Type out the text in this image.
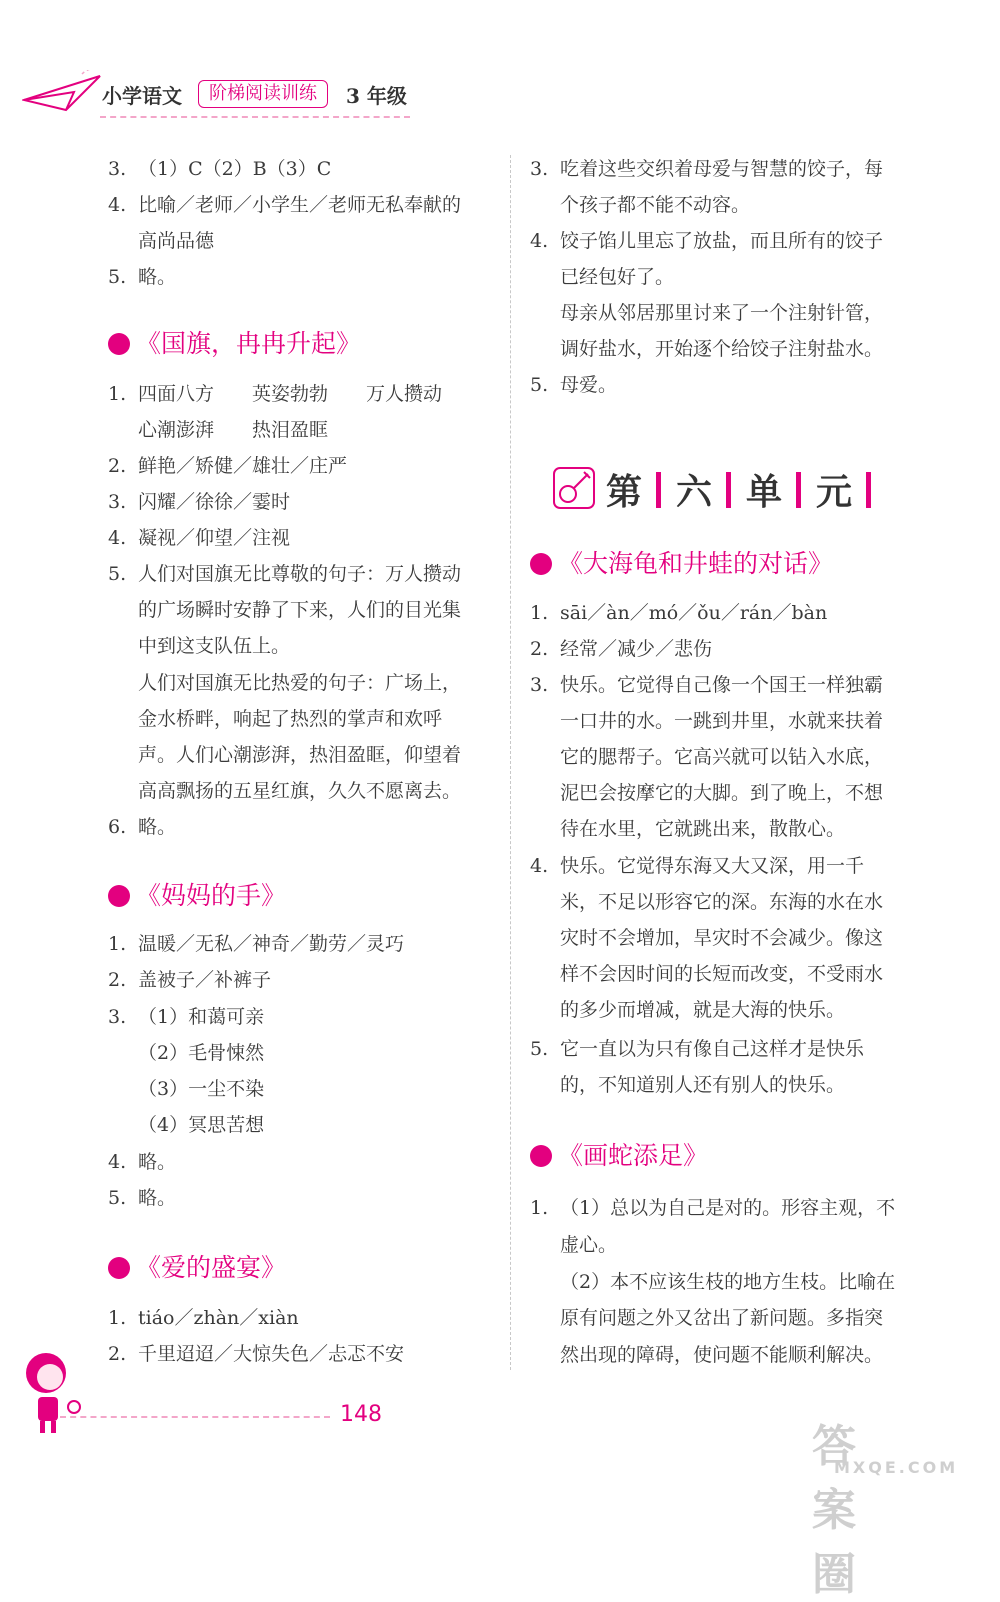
小学语文	阶梯阅读训练	3 年级
3. （1）C（2）B（3）C
4. 比喻／老师／小学生／老师无私奉献的
高尚品德
5. 略。
《国旗，冉冉升起》
1. 四面八方　　英姿勃勃　　万人攒动
心潮澎湃　　热泪盈眶
2. 鲜艳／矫健／雄壮／庄严
3. 闪耀／徐徐／霎时
4. 凝视／仰望／注视
5. 人们对国旗无比尊敬的句子：万人攒动
的广场瞬时安静了下来，人们的目光集
中到这支队伍上。
人们对国旗无比热爱的句子：广场上，
金水桥畔，响起了热烈的掌声和欢呼
声。人们心潮澎湃，热泪盈眶，仰望着
高高飘扬的五星红旗，久久不愿离去。
6. 略。
《妈妈的手》
1. 温暖／无私／神奇／勤劳／灵巧
2. 盖被子／补裤子
3. （1）和蔼可亲
（2）毛骨悚然
（3）一尘不染
（4）冥思苦想
4. 略。
5. 略。
《爱的盛宴》
1. tiáo／zhàn／xiàn
2. 千里迢迢／大惊失色／忐忑不安
3. 吃着这些交织着母爱与智慧的饺子，每
个孩子都不能不动容。
4. 饺子馅儿里忘了放盐，而且所有的饺子
已经包好了。
母亲从邻居那里讨来了一个注射针管，
调好盐水，开始逐个给饺子注射盐水。
5. 母爱。
第 六 单 元
《大海龟和井蛙的对话》
1. sāi／àn／mó／ǒu／rán／bàn
2. 经常／减少／悲伤
3. 快乐。它觉得自己像一个国王一样独霸
一口井的水。一跳到井里，水就来扶着
它的腮帮子。它高兴就可以钻入水底，
泥巴会按摩它的大脚。到了晚上，不想
待在水里，它就跳出来，散散心。
4. 快乐。它觉得东海又大又深，用一千
米，不足以形容它的深。东海的水在水
灾时不会增加，旱灾时不会减少。像这
样不会因时间的长短而改变，不受雨水
的多少而增减，就是大海的快乐。
5. 它一直以为只有像自己这样才是快乐
的，不知道别人还有别人的快乐。
《画蛇添足》
1. （1）总以为自己是对的。形容主观，不
虚心。
（2）本不应该生枝的地方生枝。比喻在
原有问题之外又岔出了新问题。多指突
然出现的障碍，使问题不能顺利解决。
148
答案圈
MXQE.COM
